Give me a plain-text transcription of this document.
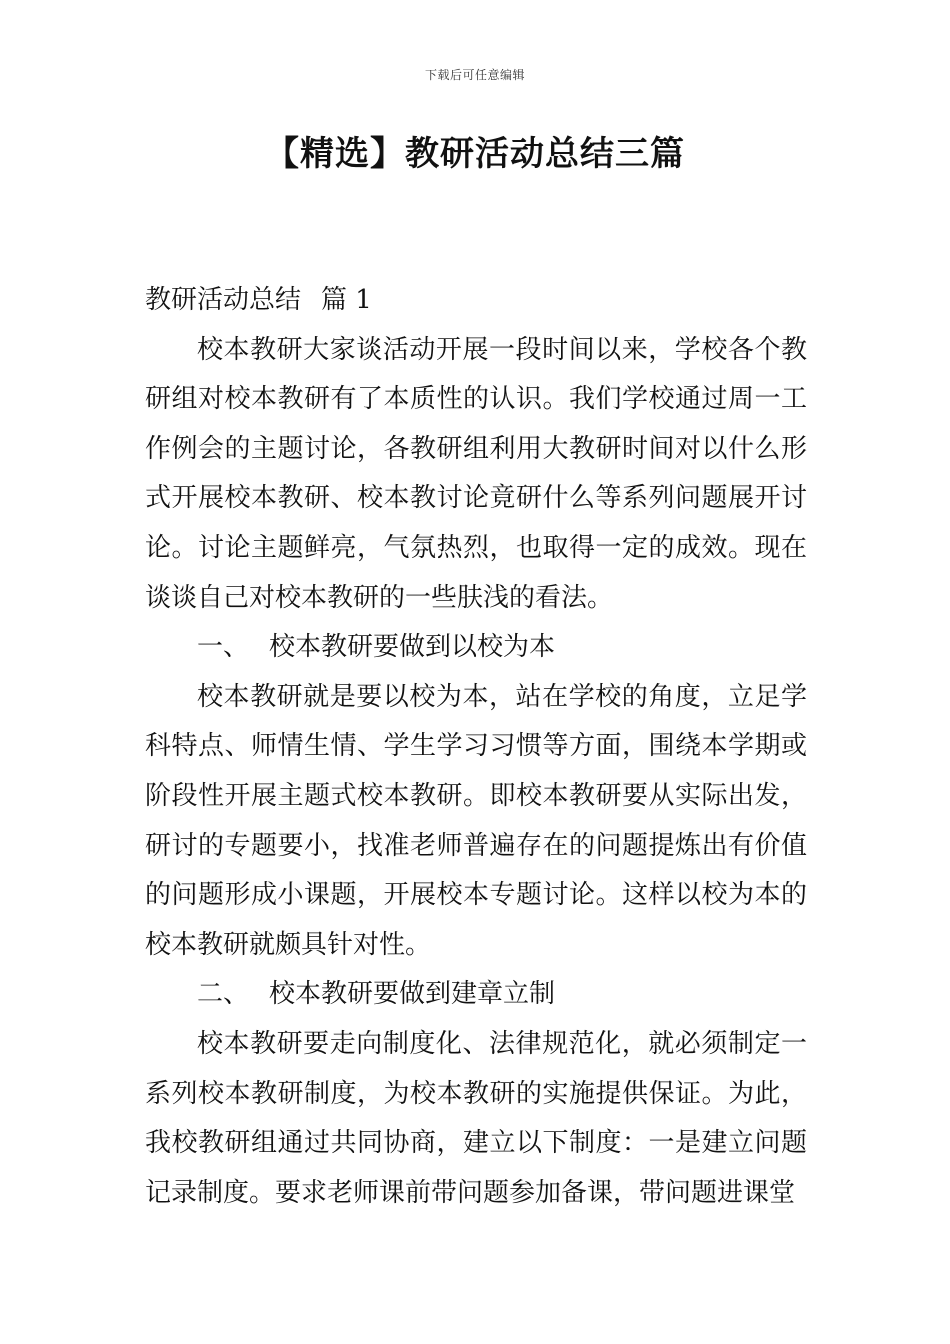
下载后可任意编辑
【精选】教研活动总结三篇

教研活动总结 篇 1

校本教研大家谈活动开展一段时间以来，学校各个教研组对校本教研有了本质性的认识。我们学校通过周一工作例会的主题讨论，各教研组利用大教研时间对以什么形式开展校本教研、校本教讨论竟研什么等系列问题展开讨论。讨论主题鲜亮，气氛热烈，也取得一定的成效。现在谈谈自己对校本教研的一些肤浅的看法。

一、 校本教研要做到以校为本

校本教研就是要以校为本，站在学校的角度，立足学科特点、师情生情、学生学习习惯等方面，围绕本学期或阶段性开展主题式校本教研。即校本教研要从实际出发，研讨的专题要小，找准老师普遍存在的问题提炼出有价值的问题形成小课题，开展校本专题讨论。这样以校为本的校本教研就颇具针对性。

二、 校本教研要做到建章立制

校本教研要走向制度化、法律规范化，就必须制定一系列校本教研制度，为校本教研的实施提供保证。为此，我校教研组通过共同协商，建立以下制度：一是建立问题记录制度。要求老师课前带问题参加备课，带问题进课堂
